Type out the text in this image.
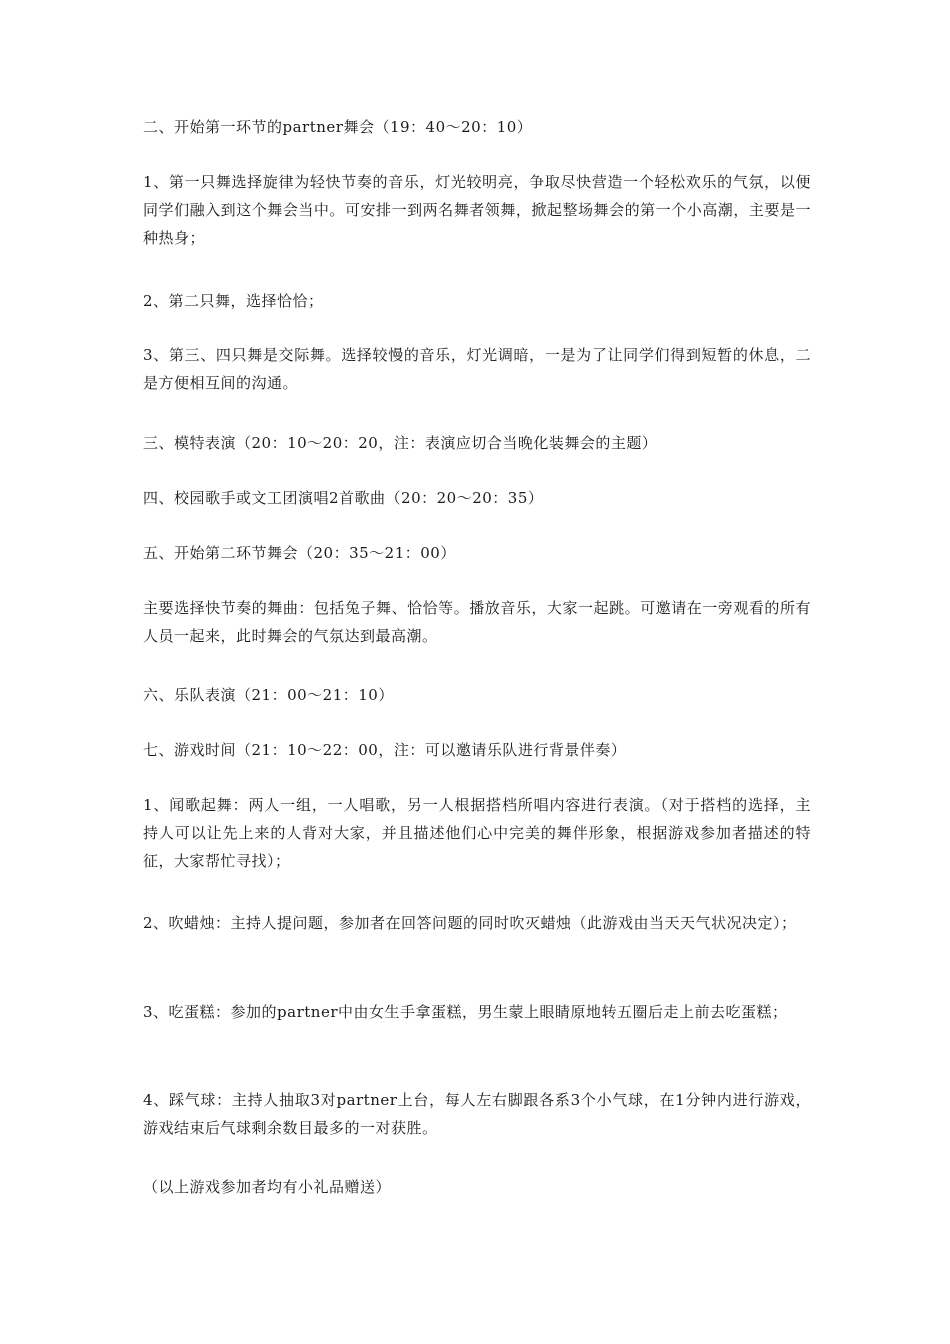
二、开始第一环节的partner舞会（19：40～20：10）

1、第一只舞选择旋律为轻快节奏的音乐，灯光较明亮，争取尽快营造一个轻松欢乐的气氛，以便同学们融入到这个舞会当中。可安排一到两名舞者领舞，掀起整场舞会的第一个小高潮，主要是一种热身；

2、第二只舞，选择恰恰；

3、第三、四只舞是交际舞。选择较慢的音乐，灯光调暗，一是为了让同学们得到短暂的休息，二是方便相互间的沟通。

三、模特表演（20：10～20：20，注：表演应切合当晚化装舞会的主题）

四、校园歌手或文工团演唱2首歌曲（20：20～20：35）

五、开始第二环节舞会（20：35～21：00）

主要选择快节奏的舞曲：包括兔子舞、恰恰等。播放音乐，大家一起跳。可邀请在一旁观看的所有人员一起来，此时舞会的气氛达到最高潮。

六、乐队表演（21：00～21：10）

七、游戏时间（21：10～22：00，注：可以邀请乐队进行背景伴奏）

1、闻歌起舞：两人一组，一人唱歌，另一人根据搭档所唱内容进行表演。（对于搭档的选择，主持人可以让先上来的人背对大家，并且描述他们心中完美的舞伴形象，根据游戏参加者描述的特征，大家帮忙寻找）；

2、吹蜡烛：主持人提问题，参加者在回答问题的同时吹灭蜡烛（此游戏由当天天气状况决定）；

3、吃蛋糕：参加的partner中由女生手拿蛋糕，男生蒙上眼睛原地转五圈后走上前去吃蛋糕；

4、踩气球：主持人抽取3对partner上台，每人左右脚跟各系3个小气球，在1分钟内进行游戏，游戏结束后气球剩余数目最多的一对获胜。

（以上游戏参加者均有小礼品赠送）
